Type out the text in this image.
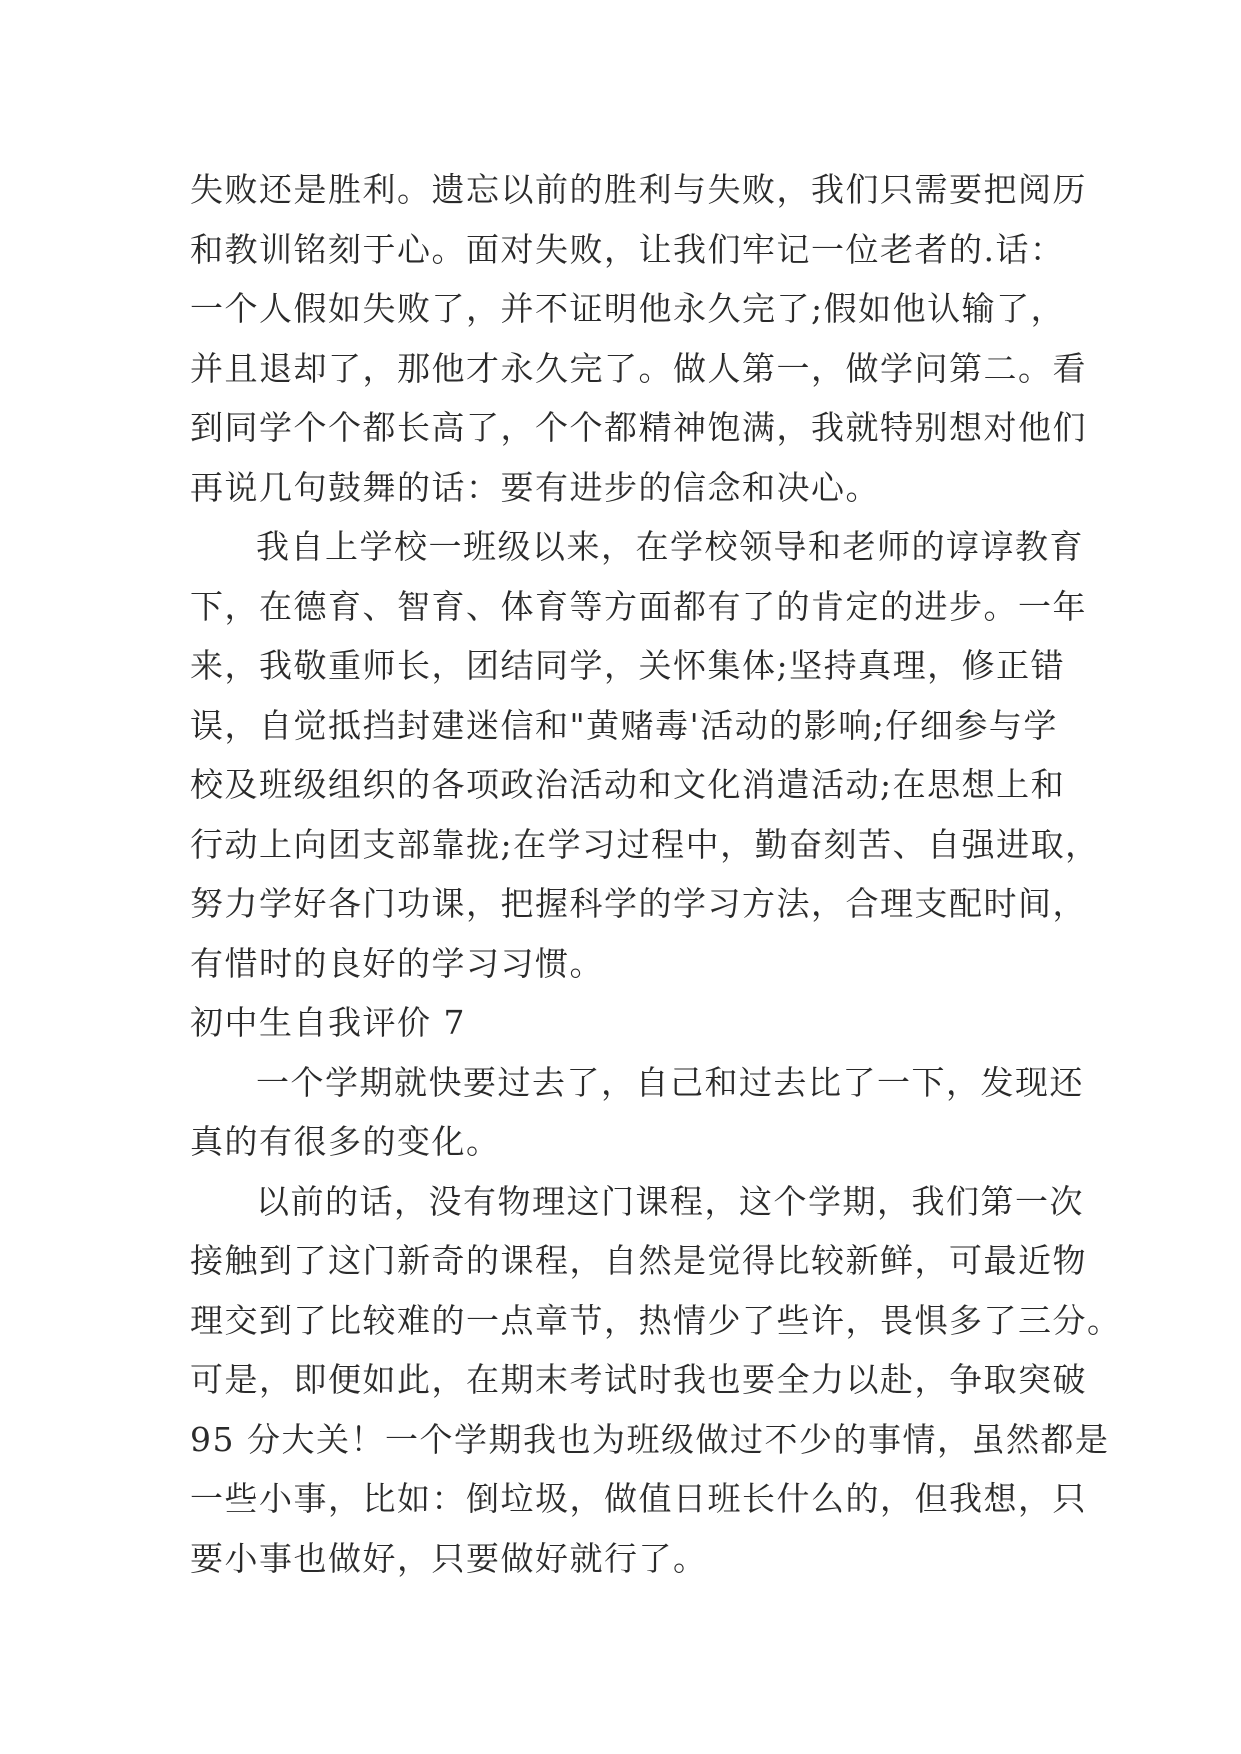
失败还是胜利。遗忘以前的胜利与失败，我们只需要把阅历
和教训铭刻于心。面对失败，让我们牢记一位老者的.话：
一个人假如失败了，并不证明他永久完了;假如他认输了，
并且退却了，那他才永久完了。做人第一，做学问第二。看
到同学个个都长高了，个个都精神饱满，我就特别想对他们
再说几句鼓舞的话：要有进步的信念和决心。
我自上学校一班级以来，在学校领导和老师的谆谆教育
下，在德育、智育、体育等方面都有了的肯定的进步。一年
来，我敬重师长，团结同学，关怀集体;坚持真理，修正错
误，自觉抵挡封建迷信和"黄赌毒'活动的影响;仔细参与学
校及班级组织的各项政治活动和文化消遣活动;在思想上和
行动上向团支部靠拢;在学习过程中，勤奋刻苦、自强进取，
努力学好各门功课，把握科学的学习方法，合理支配时间，
有惜时的良好的学习习惯。
初中生自我评价 7
一个学期就快要过去了，自己和过去比了一下，发现还
真的有很多的变化。
以前的话，没有物理这门课程，这个学期，我们第一次
接触到了这门新奇的课程，自然是觉得比较新鲜，可最近物
理交到了比较难的一点章节，热情少了些许，畏惧多了三分。
可是，即便如此，在期末考试时我也要全力以赴，争取突破
95 分大关！一个学期我也为班级做过不少的事情，虽然都是
一些小事，比如：倒垃圾，做值日班长什么的，但我想，只
要小事也做好，只要做好就行了。
